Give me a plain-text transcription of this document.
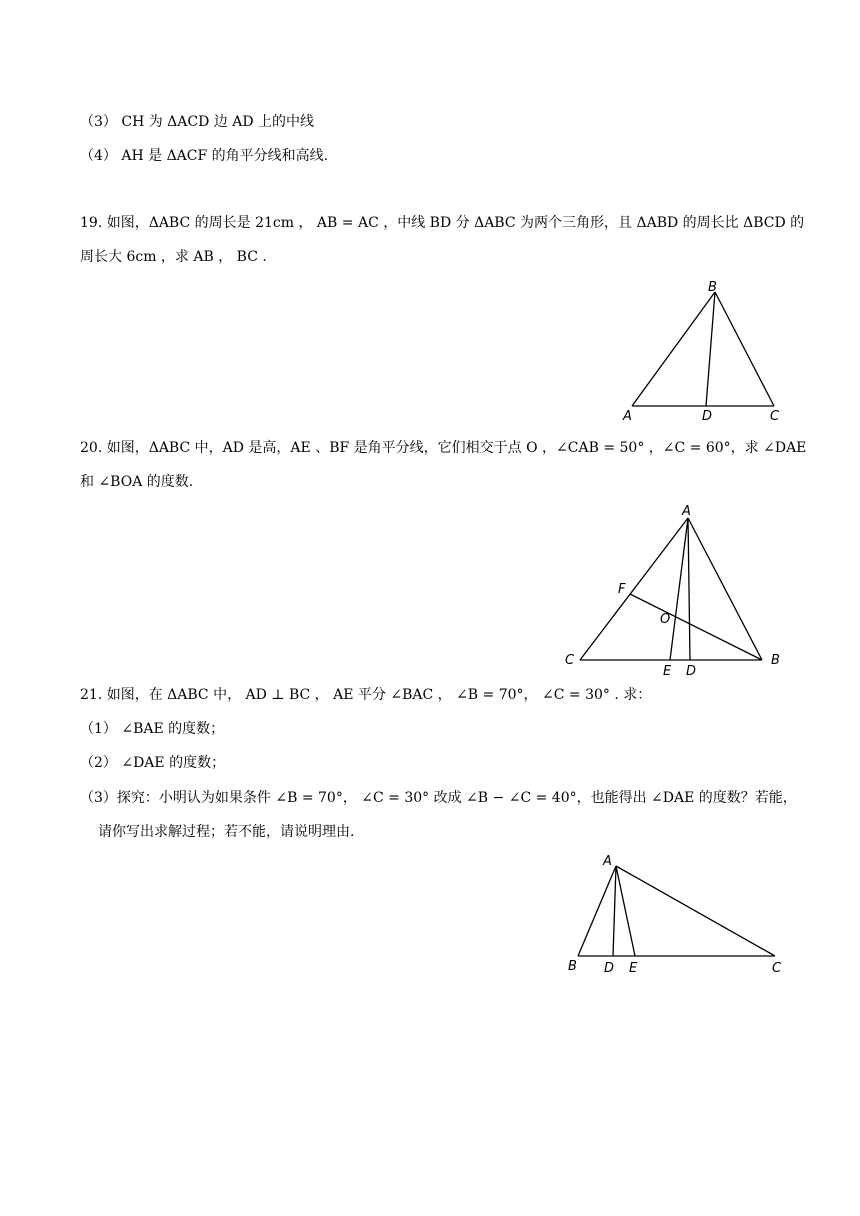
（3） CH 为 ΔACD 边 AD 上的中线
（4） AH 是 ΔACF 的角平分线和高线.
19. 如图，ΔABC 的周长是 21cm ， AB = AC ，中线 BD 分 ΔABC 为两个三角形，且 ΔABD 的周长比 ΔBCD 的
周长大 6cm ，求 AB ， BC .
B
A	D	C
20. 如图，ΔABC 中，AD 是高，AE 、BF 是角平分线，它们相交于点 O ，∠CAB = 50° ，∠C = 60°，求 ∠DAE
和 ∠BOA 的度数.
A
F
O
C
E D
B
21. 如图，在 ΔABC 中， AD ⊥ BC ， AE 平分 ∠BAC ， ∠B = 70°， ∠C = 30° . 求：
（1） ∠BAE 的度数；
（2） ∠DAE 的度数；
（3）探究：小明认为如果条件 ∠B = 70°， ∠C = 30° 改成 ∠B − ∠C = 40°，也能得出 ∠DAE 的度数？若能，
请你写出求解过程；若不能，请说明理由.
A
B D E	C
